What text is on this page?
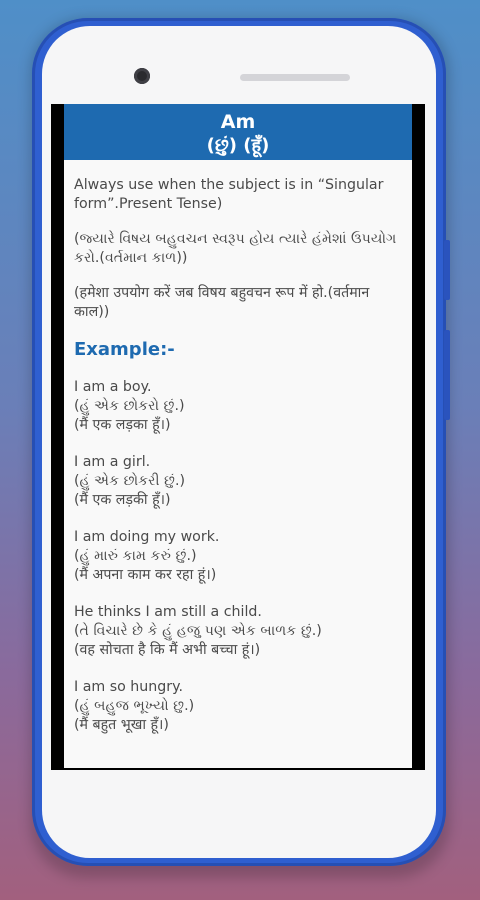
Am
(છું) (हूँ)

Always use when the subject is in “Singular form”.Present Tense)

(જ્યારે વિષય બહુવચન સ્વરૂપ હોય ત્યારે હંમેશાં ઉપયોગ કરો.(વર્તમાન કાળ))

(हमेशा उपयोग करें जब विषय बहुवचन रूप में हो.(वर्तमान काल))

Example:-
I am a boy.
(હું એક છોકરો છું.)
(मैं एक लड़का हूँ।)
I am a girl.
(હું એક છોકરી છું.)
(मैं एक लड़की हूँ।)
I am doing my work.
(હું મારું કામ કરું છું.)
(मैं अपना काम कर रहा हूं।)
He thinks I am still a child.
(તે વિચારે છે કે હું હજુ પણ એક બાળક છું.)
(वह सोचता है कि मैं अभी बच्चा हूं।)
I am so hungry.
(હું બહુજ ભૂખ્યો છુ.)
(मैं बहुत भूखा हूँ।)
